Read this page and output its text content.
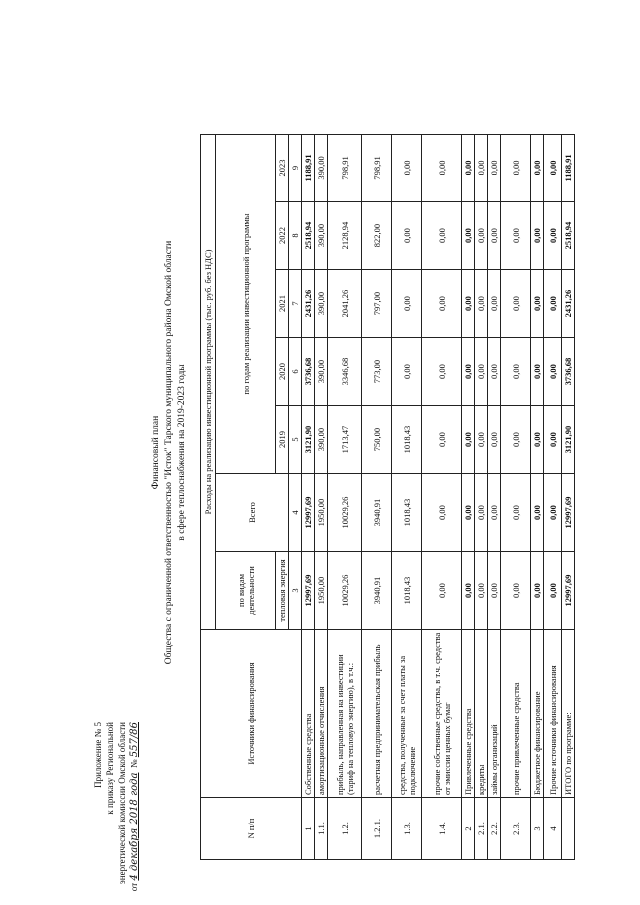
Приложение № 5 к приказу Региональной энергетической комиссии Омской области
от 4 декабря 2018 года  № 557/86
Финансовый план Общества с ограниченной ответственностью "Исток" Тарского муниципального района Омской области в сфере теплоснабжения на 2019-2023 годы
N п/п	Источники финансирования	Расходы на реализацию инвестиционной программы (тыс. руб. без НДС)						
		по видам деятельности	Всего	по годам реализации инвестиционной программы				
		тепловая энергия		2019	2020	2021	2022	2023
		3	4	5	6	7	8	9
1	Собственные средства	12997,69	12997,69	3121,90	3736,68	2431,26	2518,94	1188,91
1.1.	амортизационные отчисления	1950,00	1950,00	390,00	390,00	390,00	390,00	390,00
1.2.	прибыль, направленная на инвестиции (тариф на тепловую энергию), в т.ч.:	10029,26	10029,26	1713,47	3346,68	2041,26	2128,94	798,91
1.2.1.	расчетная предпринимательская прибыль	3940,91	3940,91	750,00	773,00	797,00	822,00	798,91
1.3.	средства, полученные за счет платы за подключение	1018,43	1018,43	1018,43	0,00	0,00	0,00	0,00
1.4.	прочие собственные средства, в т.ч. средства от эмиссии ценных бумаг	0,00	0,00	0,00	0,00	0,00	0,00	0,00
2	Привлеченные средства	0,00	0,00	0,00	0,00	0,00	0,00	0,00
2.1.	кредиты	0,00	0,00	0,00	0,00	0,00	0,00	0,00
2.2.	займы организаций	0,00	0,00	0,00	0,00	0,00	0,00	0,00
2.3.	прочие привлеченные средства	0,00	0,00	0,00	0,00	0,00	0,00	0,00
3	Бюджетное финансирование	0,00	0,00	0,00	0,00	0,00	0,00	0,00
4	Прочие источники финансирования	0,00	0,00	0,00	0,00	0,00	0,00	0,00
	ИТОГО по программе:	12997,69	12997,69	3121,90	3736,68	2431,26	2518,94	1188,91
